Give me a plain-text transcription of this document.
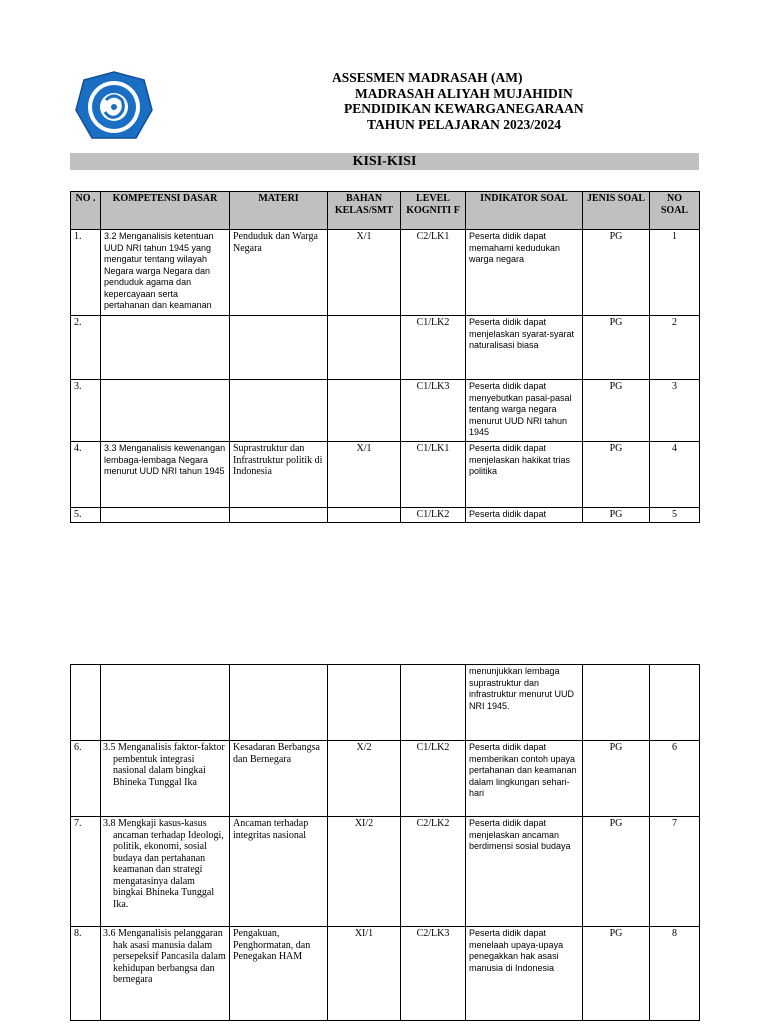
ASSESMEN MADRASAH (AM)
MADRASAH ALIYAH MUJAHIDIN
PENDIDIKAN KEWARGANEGARAAN
TAHUN PELAJARAN 2023/2024
KISI-KISI
NO .	KOMPETENSI DASAR	MATERI	BAHAN KELAS/SMT	LEVEL KOGNITI F	INDIKATOR SOAL	JENIS SOAL	NO SOAL
1.	3.2 Menganalisis ketentuan UUD NRI tahun 1945 yang mengatur tentang wilayah Negara warga Negara dan penduduk agama dan kepercayaan serta pertahanan dan keamanan	Penduduk dan Warga Negara	X/1	C2/LK1	Peserta didik dapat memahami kedudukan warga negara	PG	1
2.				C1/LK2	Peserta didik dapat menjelaskan syarat-syarat naturalisasi biasa	PG	2
3.				C1/LK3	Peserta didik dapat menyebutkan pasal-pasal tentang warga negara menurut UUD NRI tahun 1945	PG	3
4.	3.3 Menganalisis kewenangan lembaga-lembaga Negara menurut UUD NRI tahun 1945	Suprastruktur dan Infrastruktur politik di Indonesia	X/1	C1/LK1	Peserta didik dapat menjelaskan hakikat trias politika	PG	4
5.				C1/LK2	Peserta didik dapat	PG	5
					menunjukkan lembaga suprastruktur dan infrastruktur menurut UUD NRI 1945.		
6.	3.5 Menganalisis faktor-faktor pembentuk integrasi nasional dalam bingkai Bhineka Tunggal Ika	Kesadaran Berbangsa dan Bernegara	X/2	C1/LK2	Peserta didik dapat memberikan contoh upaya pertahanan dan keamanan dalam lingkungan sehari-hari	PG	6
7.	3.8 Mengkaji kasus-kasus ancaman terhadap Ideologi, politik, ekonomi, sosial budaya dan pertahanan keamanan dan strategi mengatasinya dalam bingkai Bhineka Tunggal Ika.	Ancaman terhadap integritas nasional	XI/2	C2/LK2	Peserta didik dapat menjelaskan ancaman berdimensi sosial budaya	PG	7
8.	3.6 Menganalisis pelanggaran hak asasi manusia dalam persepeksif Pancasila dalam kehidupan berbangsa dan bernegara	Pengakuan, Penghormatan, dan Penegakan HAM	XI/1	C2/LK3	Peserta didik dapat menelaah upaya-upaya penegakkan hak asasi manusia di Indonesia	PG	8
